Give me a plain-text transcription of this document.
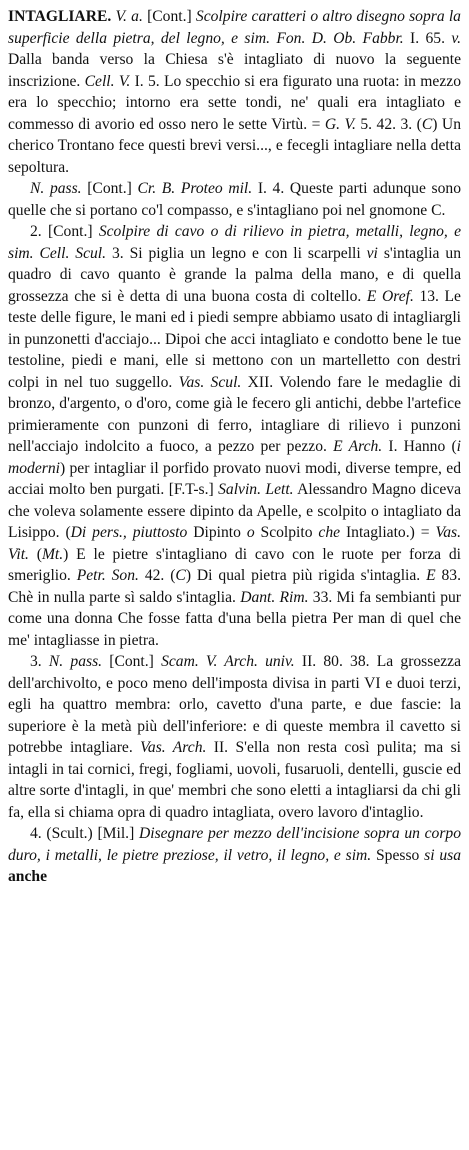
INTAGLIARE. V. a. [Cont.] Scolpire caratteri o altro disegno sopra la superficie della pietra, del legno, e sim. Fon. D. Ob. Fabbr. I. 65. v. Dalla banda verso la Chiesa s'è intagliato di nuovo la seguente inscrizione. Cell. V. I. 5. Lo specchio si era figurato una ruota: in mezzo era lo specchio; intorno era sette tondi, ne' quali era intagliato e commesso di avorio ed osso nero le sette Virtù. = G. V. 5. 42. 3. (C) Un cherico Trontano fece questi brevi versi..., e fecegli intagliare nella detta sepoltura.

N. pass. [Cont.] Cr. B. Proteo mil. I. 4. Queste parti adunque sono quelle che si portano co'l compasso, e s'intagliano poi nel gnomone C.

2. [Cont.] Scolpire di cavo o di rilievo in pietra, metalli, legno, e sim. Cell. Scul. 3. Si piglia un legno e con li scarpelli vi s'intaglia un quadro di cavo quanto è grande la palma della mano, e di quella grossezza che si è detta di una buona costa di coltello. E Oref. 13. Le teste delle figure, le mani ed i piedi sempre abbiamo usato di intagliargli in punzonetti d'acciajo... Dipoi che acci intagliato e condotto bene le tue testoline, piedi e mani, elle si mettono con un martelletto con destri colpi in nel tuo suggello. Vas. Scul. XII. Volendo fare le medaglie di bronzo, d'argento, o d'oro, come già le fecero gli antichi, debbe l'artefice primieramente con punzoni di ferro, intagliare di rilievo i punzoni nell'acciajo indolcito a fuoco, a pezzo per pezzo. E Arch. I. Hanno (i moderni) per intagliar il porfido provato nuovi modi, diverse tempre, ed acciai molto ben purgati. [F.T-s.] Salvin. Lett. Alessandro Magno diceva che voleva solamente essere dipinto da Apelle, e scolpito o intagliato da Lisippo. (Di pers., piuttosto Dipinto o Scolpito che Intagliato.) = Vas. Vit. (Mt.) E le pietre s'intagliano di cavo con le ruote per forza di smeriglio. Petr. Son. 42. (C) Di qual pietra più rigida s'intaglia. E 83. Chè in nulla parte sì saldo s'intaglia. Dant. Rim. 33. Mi fa sembianti pur come una donna Che fosse fatta d'una bella pietra Per man di quel che me' intagliasse in pietra.

3. N. pass. [Cont.] Scam. V. Arch. univ. II. 80. 38. La grossezza dell'archivolto, e poco meno dell'imposta divisa in parti VI e duoi terzi, egli ha quattro membra: orlo, cavetto d'una parte, e due fascie: la superiore è la metà più dell'inferiore: e di queste membra il cavetto si potrebbe intagliare. Vas. Arch. II. S'ella non resta così pulita; ma si intagli in tai cornici, fregi, fogliami, uovoli, fusaruoli, dentelli, guscie ed altre sorte d'intagli, in que' membri che sono eletti a intagliarsi da chi gli fa, ella si chiama opra di quadro intagliata, overo lavoro d'intaglio.

4. (Scult.) [Mil.] Disegnare per mezzo dell'incisione sopra un corpo duro, i metalli, le pietre preziose, il vetro, il legno, e sim. Spesso si usa anche
